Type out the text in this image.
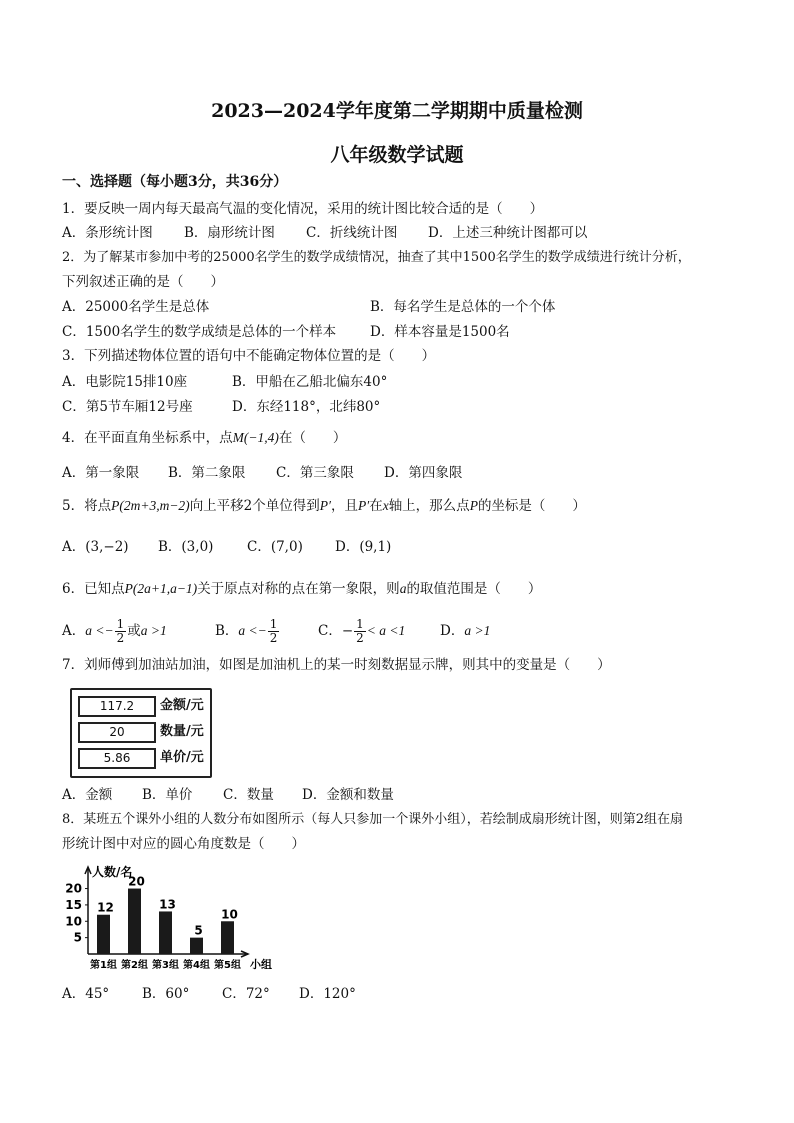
2023—2024学年度第二学期期中质量检测
八年级数学试题
一、选择题（每小题3分，共36分）
1．要反映一周内每天最高气温的变化情况，采用的统计图比较合适的是（　　）
A．条形统计图 B．扇形统计图 C．折线统计图 D．上述三种统计图都可以
2．为了解某市参加中考的25000名学生的数学成绩情况，抽查了其中1500名学生的数学成绩进行统计分析，
下列叙述正确的是（　　）
A．25000名学生是总体	B．每名学生是总体的一个个体
C．1500名学生的数学成绩是总体的一个样本	D．样本容量是1500名
3．下列描述物体位置的语句中不能确定物体位置的是（　　）
A．电影院15排10座	B．甲船在乙船北偏东40°
C．第5节车厢12号座	D．东经118°，北纬80°
4．在平面直角坐标系中，点M(−1,4)在（　　）
A．第一象限 B．第二象限 C．第三象限 D．第四象限
5．将点P(2m+3,m−2)向上平移2个单位得到P′，且P′在x轴上，那么点P的坐标是（　　）
A．(3,−2) B．(3,0) C．(7,0) D．(9,1)
6．已知点P(2a+1,a−1)关于原点对称的点在第一象限，则a的取值范围是（　　）
A．$a <- \frac{1}{2}$ 或a >1	B．$a <- \frac{1}{2}$	C．− $\frac{1}{2} < a <1$	D．a >1
7．刘师傅到加油站加油，如图是加油机上的某一时刻数据显示牌，则其中的变量是（　　）
117.2	金额/元
20	数量/元
5.86	单价/元
A．金额 B．单价 C．数量 D．金额和数量
8．某班五个课外小组的人数分布如图所示（每人只参加一个课外小组），若绘制成扇形统计图，则第2组在扇
形统计图中对应的圆心角度数是（　　）
人数/名
小组
5
10
15
20
12
第1组
20
第2组
13
第3组
5
第4组
10
第5组
A．45° B．60° C．72° D．120°
